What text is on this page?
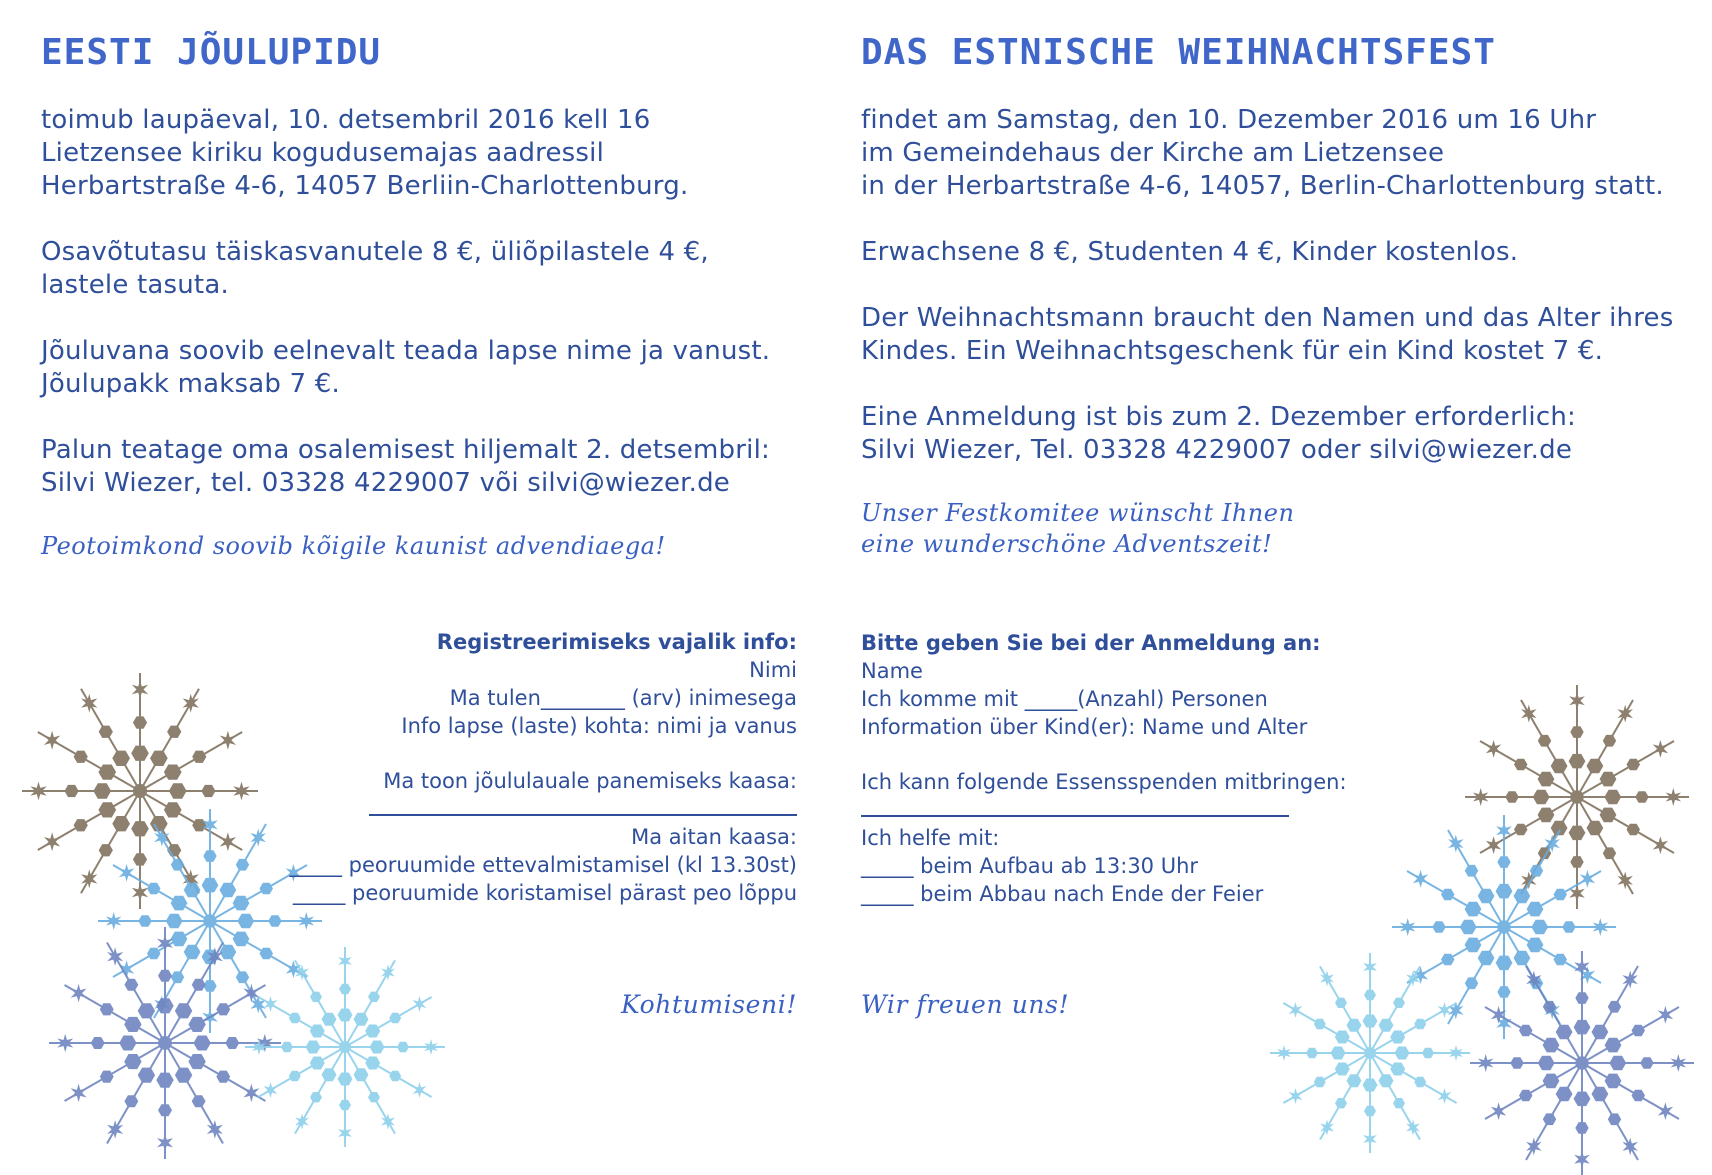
EESTI JÕULUPIDU

toimub laupäeval, 10. detsembril 2016 kell 16
Lietzensee kiriku kogudusemajas aadressil
Herbartstraße 4-6, 14057 Berliin-Charlottenburg.

Osavõtutasu täiskasvanutele 8 €, üliõpilastele 4 €,
lastele tasuta.

Jõuluvana soovib eelnevalt teada lapse nime ja vanust.
Jõulupakk maksab 7 €.

Palun teatage oma osalemisest hiljemalt 2. detsembril:
Silvi Wiezer, tel. 03328 4229007 või silvi@wiezer.de

Peotoimkond soovib kõigile kaunist advendiaega!

DAS ESTNISCHE WEIHNACHTSFEST

findet am Samstag, den 10. Dezember 2016 um 16 Uhr
im Gemeindehaus der Kirche am Lietzensee
in der Herbartstraße 4-6, 14057, Berlin-Charlottenburg statt.

Erwachsene 8 €, Studenten 4 €, Kinder kostenlos.

Der Weihnachtsmann braucht den Namen und das Alter ihres
Kindes. Ein Weihnachtsgeschenk für ein Kind kostet 7 €.

Eine Anmeldung ist bis zum 2. Dezember erforderlich:
Silvi Wiezer, Tel. 03328 4229007 oder silvi@wiezer.de

Unser Festkomitee wünscht Ihnen
eine wunderschöne Adventszeit!

Registreerimiseks vajalik info:
Nimi
Ma tulen________ (arv) inimesega
Info lapse (laste) kohta: nimi ja vanus
Ma toon jõululauale panemiseks kaasa:
Ma aitan kaasa:
_____ peoruumide ettevalmistamisel (kl 13.30st)
_____ peoruumide koristamisel pärast peo lõppu
Bitte geben Sie bei der Anmeldung an:
Name
Ich komme mit _____(Anzahl) Personen
Information über Kind(er): Name und Alter
Ich kann folgende Essensspenden mitbringen:
Ich helfe mit:
_____ beim Aufbau ab 13:30 Uhr
_____ beim Abbau nach Ende der Feier

Kohtumiseni!	Wir freuen uns!
